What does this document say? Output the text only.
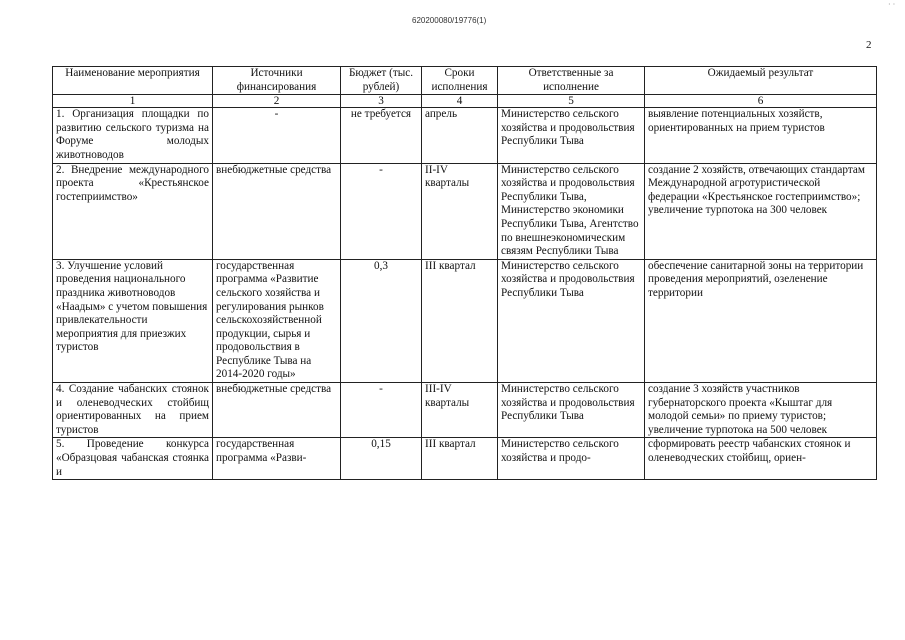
620200080/19776(1)
· ·
2
Наименование мероприятия	Источники финансирования	Бюджет (тыс. рублей)	Сроки исполнения	Ответственные за исполнение	Ожидаемый результат
1	2	3	4	5	6
1. Организация площадки по развитию сельского туризма на Форуме молодых животноводов	-	не требуется	апрель	Министерство сельского хозяйства и продовольствия Республики Тыва	выявление потенциальных хозяйств, ориентированных на прием туристов
2. Внедрение международного проекта «Крестьянское гостеприимство»	внебюджетные средства	-	II-IV кварталы	Министерство сельского хозяйства и продовольствия Республики Тыва, Министерство экономики Республики Тыва, Агентство по внешнеэкономическим связям Республики Тыва	создание 2 хозяйств, отвечающих стандартам Международной агротуристической федерации «Крестьянское гостеприимство»; увеличение турпотока на 300 человек
3. Улучшение условий проведения национального праздника животноводов «Наадым» с учетом повышения привлекательности мероприятия для приезжих туристов	государственная программа «Развитие сельского хозяйства и регулирования рынков сельскохозяйственной продукции, сырья и продовольствия в Республике Тыва на 2014-2020 годы»	0,3	III квартал	Министерство сельского хозяйства и продовольствия Республики Тыва	обеспечение санитарной зоны на территории проведения мероприятий, озеленение территории
4. Создание чабанских стоянок и оленеводческих стойбищ ориентированных на прием туристов	внебюджетные средства	-	III-IV кварталы	Министерство сельского хозяйства и продовольствия Республики Тыва	создание 3 хозяйств участников губернаторского проекта «Кыштаг для молодой семьи» по приему туристов; увеличение турпотока на 500 человек
5. Проведение конкурса «Образцовая чабанская стоянка и	государственная программа «Разви-	0,15	III квартал	Министерство сельского хозяйства и продо-	сформировать реестр чабанских стоянок и оленеводческих стойбищ, ориен-
